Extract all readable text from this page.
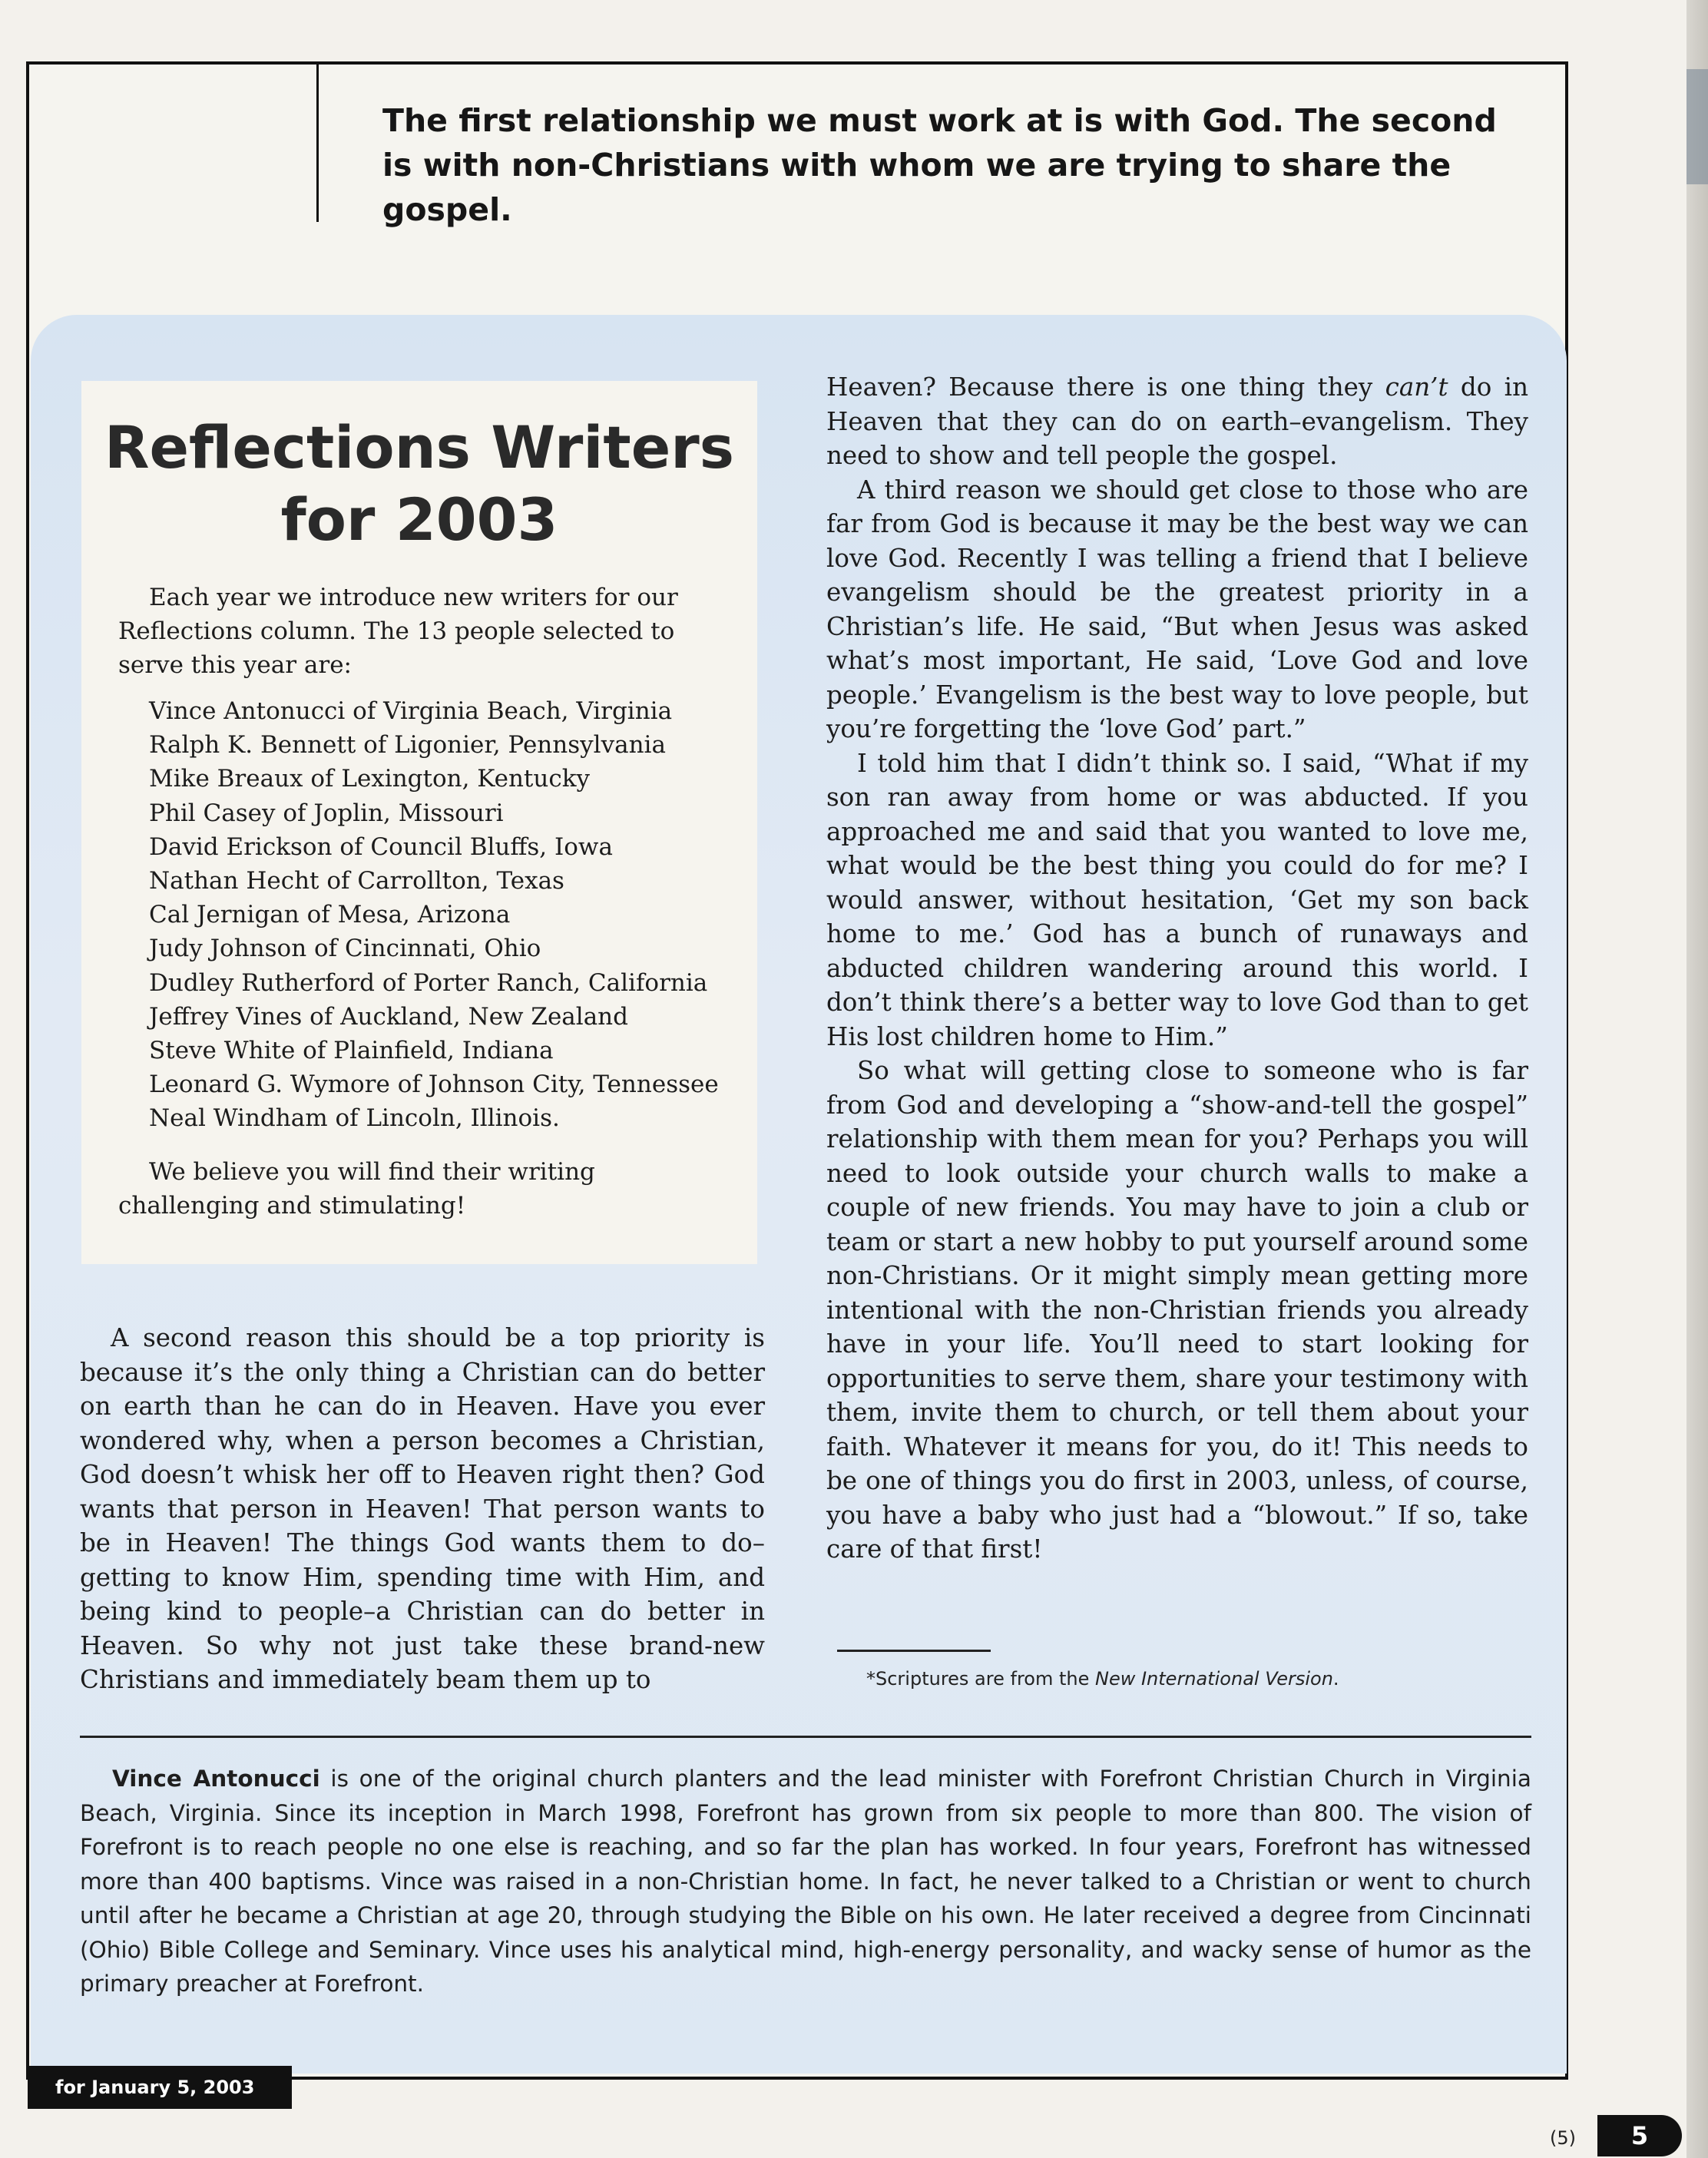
The first relationship we must work at is with God. The second is with non-Christians with whom we are trying to share the gospel.
Reflections Writers
for 2003
Each year we introduce new writers for our Reflections column. The 13 people selected to serve this year are:
Vince Antonucci of Virginia Beach, Virginia
Ralph K. Bennett of Ligonier, Pennsylvania
Mike Breaux of Lexington, Kentucky
Phil Casey of Joplin, Missouri
David Erickson of Council Bluffs, Iowa
Nathan Hecht of Carrollton, Texas
Cal Jernigan of Mesa, Arizona
Judy Johnson of Cincinnati, Ohio
Dudley Rutherford of Porter Ranch, California
Jeffrey Vines of Auckland, New Zealand
Steve White of Plainfield, Indiana
Leonard G. Wymore of Johnson City, Tennessee
Neal Windham of Lincoln, Illinois.
We believe you will find their writing challenging and stimulating!

A second reason this should be a top priority is because it’s the only thing a Christian can do better on earth than he can do in Heaven. Have you ever wondered why, when a person becomes a Christian, God doesn’t whisk her off to Heaven right then? God wants that person in Heaven! That person wants to be in Heaven! The things God wants them to do–getting to know Him, spending time with Him, and being kind to people–a Christian can do better in Heaven. So why not just take these brand-new Christians and immediately beam them up to

Heaven? Because there is one thing they can’t do in Heaven that they can do on earth–evangelism. They need to show and tell people the gospel.

A third reason we should get close to those who are far from God is because it may be the best way we can love God. Recently I was telling a friend that I believe evangelism should be the greatest priority in a Christian’s life. He said, “But when Jesus was asked what’s most important, He said, ‘Love God and love people.’ Evangelism is the best way to love people, but you’re forgetting the ‘love God’ part.”

I told him that I didn’t think so. I said, “What if my son ran away from home or was abducted. If you approached me and said that you wanted to love me, what would be the best thing you could do for me? I would answer, without hesitation, ‘Get my son back home to me.’ God has a bunch of runaways and abducted children wandering around this world. I don’t think there’s a better way to love God than to get His lost children home to Him.”

So what will getting close to someone who is far from God and developing a “show-and-tell the gospel” relationship with them mean for you? Perhaps you will need to look outside your church walls to make a couple of new friends. You may have to join a club or team or start a new hobby to put yourself around some non-Christians. Or it might simply mean getting more intentional with the non-Christian friends you already have in your life. You’ll need to start looking for opportunities to serve them, share your testimony with them, invite them to church, or tell them about your faith. Whatever it means for you, do it! This needs to be one of things you do first in 2003, unless, of course, you have a baby who just had a “blowout.” If so, take care of that first!

*Scriptures are from the New International Version.
Vince Antonucci is one of the original church planters and the lead minister with Forefront Christian Church in Virginia Beach, Virginia. Since its inception in March 1998, Forefront has grown from six people to more than 800. The vision of Forefront is to reach people no one else is reaching, and so far the plan has worked. In four years, Forefront has witnessed more than 400 baptisms. Vince was raised in a non-Christian home. In fact, he never talked to a Christian or went to church until after he became a Christian at age 20, through studying the Bible on his own. He later received a degree from Cincinnati (Ohio) Bible College and Seminary. Vince uses his analytical mind, high-energy personality, and wacky sense of humor as the primary preacher at Forefront.
for January 5, 2003
(5)	5
